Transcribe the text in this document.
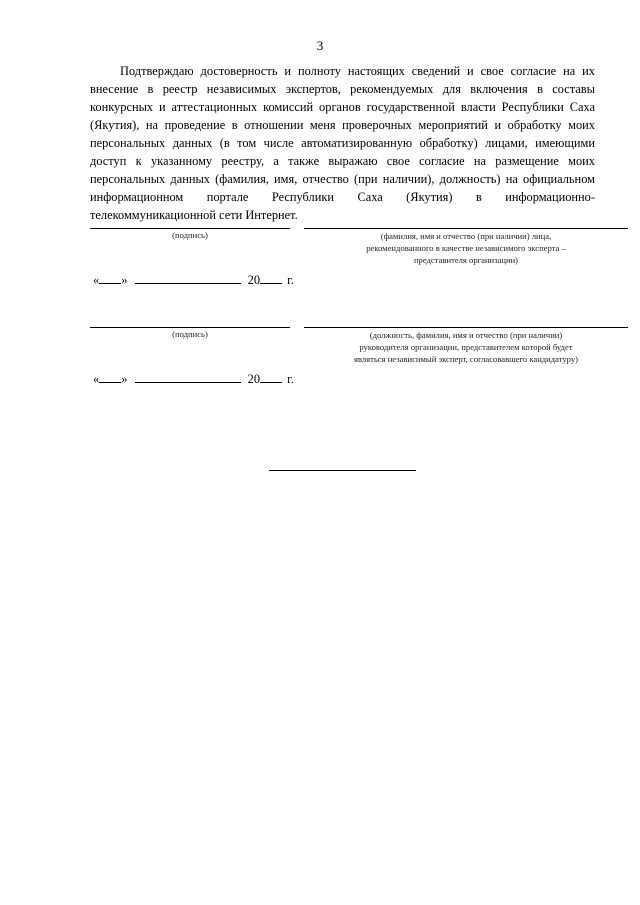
3

Подтверждаю достоверность и полноту настоящих сведений и свое согласие на их внесение в реестр независимых экспертов, рекомендуемых для включения в составы конкурсных и аттестационных комиссий органов государственной власти Республики Саха (Якутия), на проведение в отношении меня проверочных мероприятий и обработку моих персональных данных (в том числе автоматизированную обработку) лицами, имеющими доступ к указанному реестру, а также выражаю свое согласие на размещение моих персональных данных (фамилия, имя, отчество (при наличии), должность) на официальном информационном портале Республики Саха (Якутия) в информационно-телекоммуникационной сети Интернет.

(подпись)	(фамилия, имя и отчество (при наличии) лица,
рекомендованного в качестве независимого эксперта –
представителя организации)
« »	20 г.
(подпись)	(должность, фамилия, имя и отчество (при наличии)
руководителя организации, представителем которой будет
являться независимый эксперт, согласовавшего кандидатуру)
« »	20 г.
